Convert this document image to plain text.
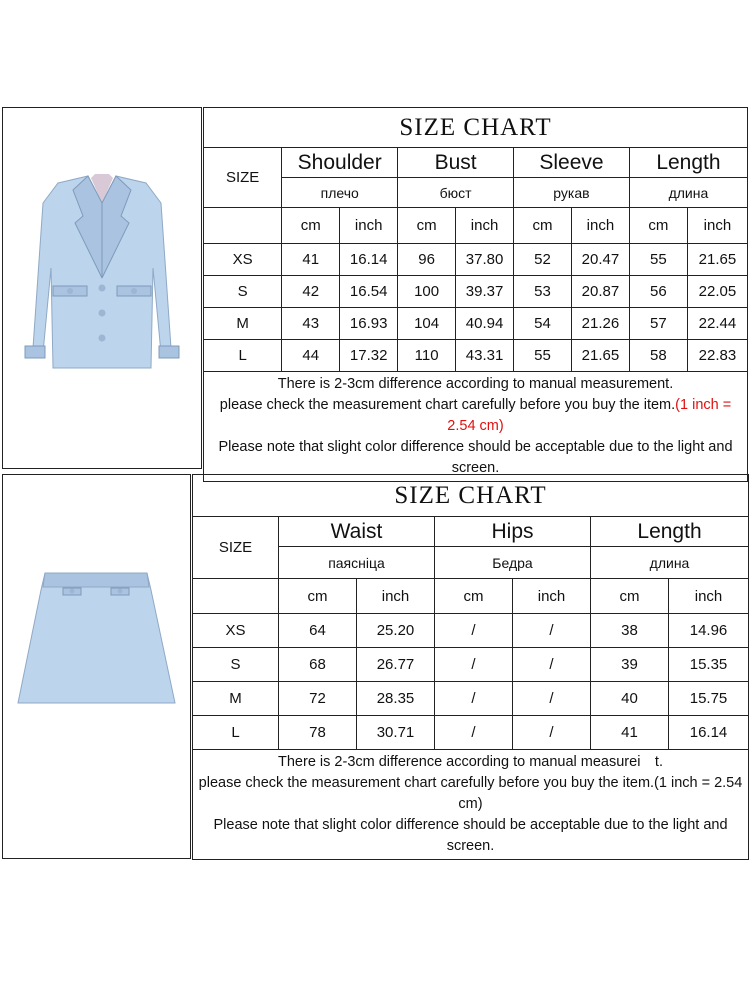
SIZE CHART								
SIZE	Shoulder		Bust		Sleeve		Length	
	плечо		бюст		рукав		длина	
	cm	inch	cm	inch	cm	inch	cm	inch
XS	41	16.14	96	37.80	52	20.47	55	21.65
S	42	16.54	100	39.37	53	20.87	56	22.05
M	43	16.93	104	40.94	54	21.26	57	22.44
L	44	17.32	110	43.31	55	21.65	58	22.83
There is 2-3cm difference according to manual measurement.
please check the measurement chart carefully before you buy the item.(1 inch = 2.54 cm)
Please note that slight color difference should be acceptable due to the light and screen.								
SIZE CHART						
SIZE	Waist		Hips		Length	
	паясніца		Бедра		длина	
	cm	inch	cm	inch	cm	inch
XS	64	25.20	/	/	38	14.96
S	68	26.77	/	/	39	15.35
M	72	28.35	/	/	40	15.75
L	78	30.71	/	/	41	16.14
There is 2-3cm difference according to manual measurei t.
please check the measurement chart carefully before you buy the item.(1 inch = 2.54 cm)
Please note that slight color difference should be acceptable due to the light and screen.						
